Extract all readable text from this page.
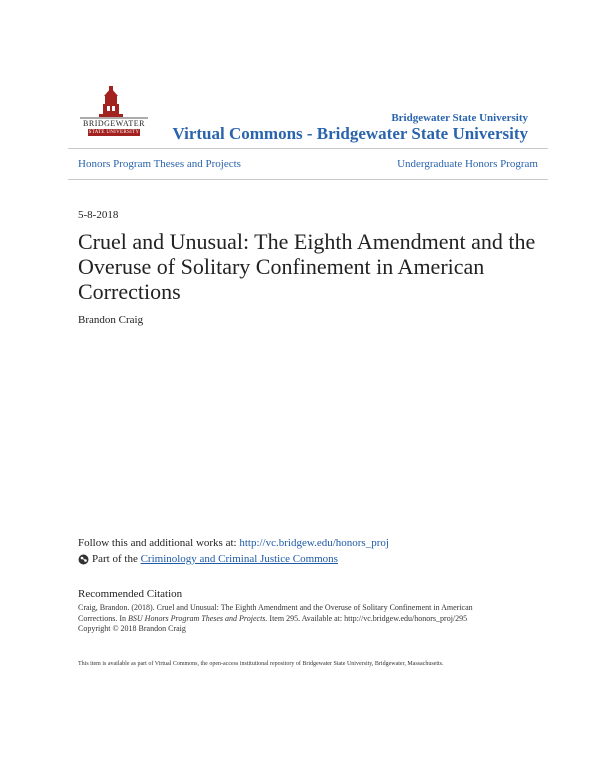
BRIDGEWATER
STATE UNIVERSITY
Bridgewater State University
Virtual Commons - Bridgewater State University
Honors Program Theses and Projects	Undergraduate Honors Program
5-8-2018
Cruel and Unusual: The Eighth Amendment and the Overuse of Solitary Confinement in American Corrections
Brandon Craig
Follow this and additional works at: http://vc.bridgew.edu/honors_proj
Part of the
Criminology and Criminal Justice Commons
Recommended Citation
Craig, Brandon. (2018). Cruel and Unusual: The Eighth Amendment and the Overuse of Solitary Confinement in American
Corrections. In BSU Honors Program Theses and Projects. Item 295. Available at: http://vc.bridgew.edu/honors_proj/295
Copyright © 2018 Brandon Craig
This item is available as part of Virtual Commons, the open-access institutional repository of Bridgewater State University, Bridgewater, Massachusetts.
